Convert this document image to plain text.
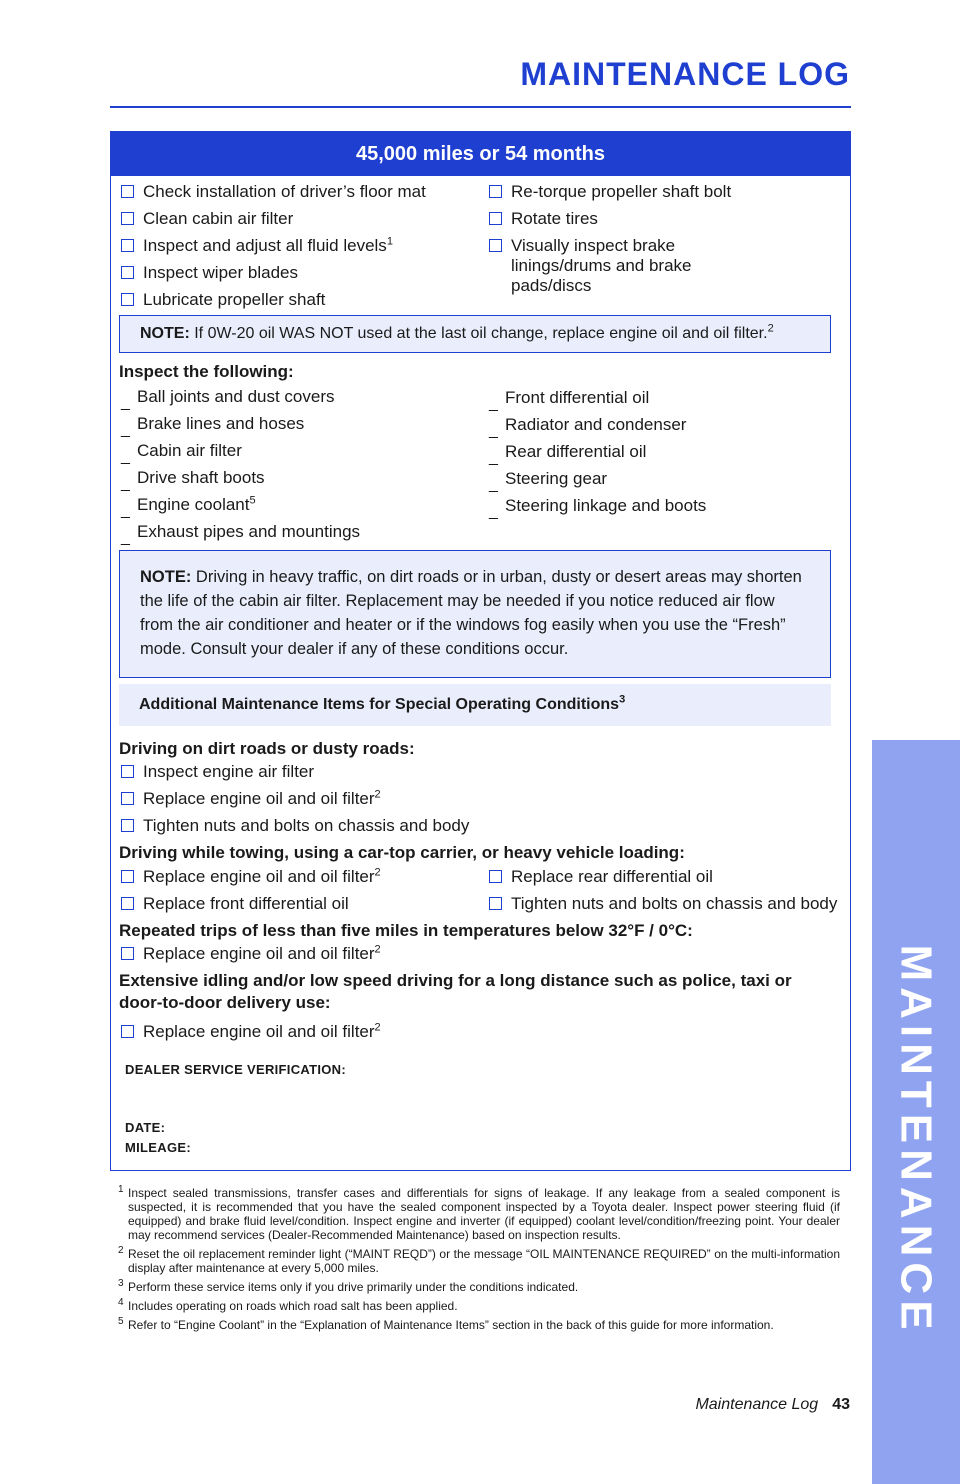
MAINTENANCE LOG
MAINTENANCE
45,000 miles or 54 months
Check installation of driver’s floor mat
Clean cabin air filter
Inspect and adjust all fluid levels$^1$
Inspect wiper blades
Lubricate propeller shaft
Re-torque propeller shaft bolt
Rotate tires
Visually inspect brake linings/drums and brake pads/discs
NOTE: If 0W-20 oil WAS NOT used at the last oil change, replace engine oil and oil filter.$^2$
Inspect the following:
_ Ball joints and dust covers
_ Brake lines and hoses
_ Cabin air filter
_ Drive shaft boots
_ Engine coolant$^5$
_ Exhaust pipes and mountings
_ Front differential oil
_ Radiator and condenser
_ Rear differential oil
_ Steering gear
_ Steering linkage and boots
NOTE: Driving in heavy traffic, on dirt roads or in urban, dusty or desert areas may shorten the life of the cabin air filter. Replacement may be needed if you notice reduced air flow from the air conditioner and heater or if the windows fog easily when you use the “Fresh” mode. Consult your dealer if any of these conditions occur.
Additional Maintenance Items for Special Operating Conditions$^3$
Driving on dirt roads or dusty roads:
Inspect engine air filter
Replace engine oil and oil filter$^2$
Tighten nuts and bolts on chassis and body
Driving while towing, using a car-top carrier, or heavy vehicle loading:
Replace engine oil and oil filter$^2$
Replace front differential oil
Replace rear differential oil
Tighten nuts and bolts on chassis and body
Repeated trips of less than five miles in temperatures below 32°F / 0°C:
Replace engine oil and oil filter$^2$
Extensive idling and/or low speed driving for a long distance such as police, taxi or door-to-door delivery use:
Replace engine oil and oil filter$^2$
DEALER SERVICE VERIFICATION:
DATE:
MILEAGE:
1 Inspect sealed transmissions, transfer cases and differentials for signs of leakage. If any leakage from a sealed component is suspected, it is recommended that you have the sealed component inspected by a Toyota dealer. Inspect power steering fluid (if equipped) and brake fluid level/condition. Inspect engine and inverter (if equipped) coolant level/condition/freezing point. Your dealer may recommend services (Dealer-Recommended Maintenance) based on inspection results.
2 Reset the oil replacement reminder light (“MAINT REQD”) or the message “OIL MAINTENANCE REQUIRED” on the multi-information display after maintenance at every 5,000 miles.
3 Perform these service items only if you drive primarily under the conditions indicated.
4 Includes operating on roads which road salt has been applied.
5 Refer to “Engine Coolant” in the “Explanation of Maintenance Items” section in the back of this guide for more information.
Maintenance Log 43
